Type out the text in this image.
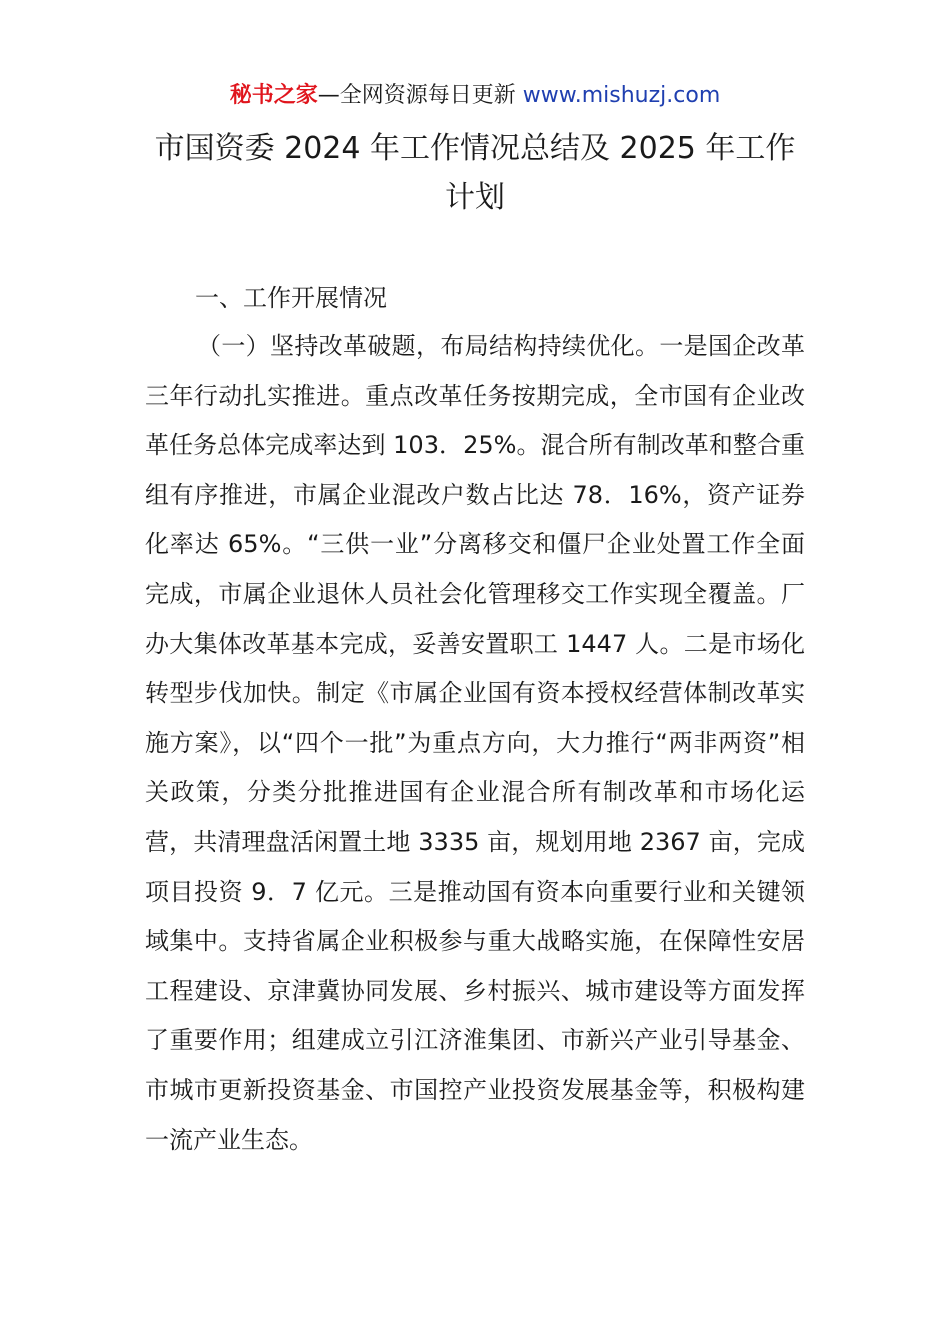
秘书之家—全网资源每日更新 www.mishuzj.com
市国资委 2024 年工作情况总结及 2025 年工作计划
一、工作开展情况

（一）坚持改革破题，布局结构持续优化。一是国企改革三年行动扎实推进。重点改革任务按期完成，全市国有企业改革任务总体完成率达到 103．25%。混合所有制改革和整合重组有序推进，市属企业混改户数占比达 78．16%，资产证券化率达 65%。“三供一业”分离移交和僵尸企业处置工作全面完成，市属企业退休人员社会化管理移交工作实现全覆盖。厂办大集体改革基本完成，妥善安置职工 1447 人。二是市场化转型步伐加快。制定《市属企业国有资本授权经营体制改革实施方案》，以“四个一批”为重点方向，大力推行“两非两资”相关政策，分类分批推进国有企业混合所有制改革和市场化运营，共清理盘活闲置土地 3335 亩，规划用地 2367 亩，完成项目投资 9．7 亿元。三是推动国有资本向重要行业和关键领域集中。支持省属企业积极参与重大战略实施，在保障性安居工程建设、京津冀协同发展、乡村振兴、城市建设等方面发挥了重要作用；组建成立引江济淮集团、市新兴产业引导基金、市城市更新投资基金、市国控产业投资发展基金等，积极构建一流产业生态。
